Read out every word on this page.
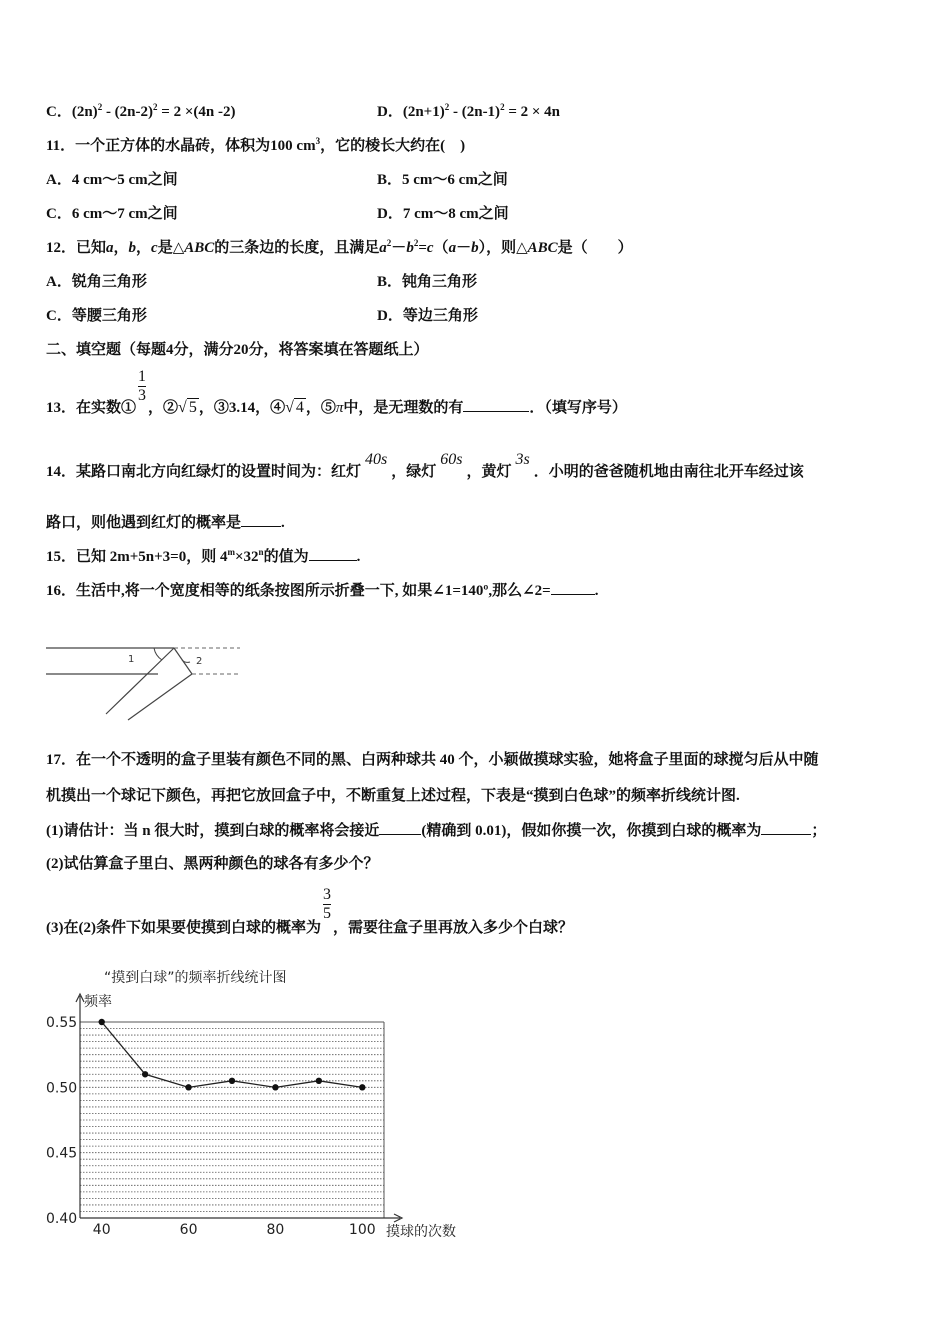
C．$(2n)^2 - (2n-2)^2 = 2 \times(4n$ -2)	D．$(2n+1)^2 - (2n-1)^2 = 2 \times 4n$
11．一个正方体的水晶砖，体积为100 $cm^3$，它的棱长大约在(　)
A．4 cm～5 cm之间	B．5 cm～6 cm之间
C．6 cm～7 cm之间	D．7 cm～8 cm之间
12．已知a，b，c是△ABC的三条边的长度，且满足$a^2-b^2=c(a-b)$，则△ABC是（　　）
A．锐角三角形	B．钝角三角形
C．等腰三角形	D．等边三角形
二、填空题（每题4分，满分20分，将答案填在答题纸上）
13．在实数①
$\frac{1}{3}$
，②√ 5 ，③3.14，④√ 4 ，⑤π中，是无理数的有	．（填写序号）
14．某路口南北方向红绿灯的设置时间为：红灯40s，绿灯60s，黄灯3s．小明的爸爸随机地由南往北开车经过该
路口，则他遇到红灯的概率是	.
15．已知 2m+5n+3=0，则 $4^m\times 32^n$的值为	.
16．生活中,将一个宽度相等的纸条按图所示折叠一下, 如果∠1=140º,那么∠2=	.
1	2
17．在一个不透明的盒子里装有颜色不同的黑、白两种球共 40 个，小颖做摸球实验，她将盒子里面的球搅匀后从中随
机摸出一个球记下颜色，再把它放回盒子中，不断重复上述过程，下表是“摸到白色球”的频率折线统计图.
(1)请估计：当 n 很大时，摸到白球的概率将会接近	(精确到 0.01)，假如你摸一次，你摸到白球的概率为	；
(2)试估算盒子里白、黑两种颜色的球各有多少个？
(3)在(2)条件下如果要使摸到白球的概率为
$\frac{3}{5}$
，需要往盒子里再放入多少个白球？
“摸到白球”的频率折线统计图
频率
摸球的次数
0.55
0.50
0.45
0.40
40	60	80	100
